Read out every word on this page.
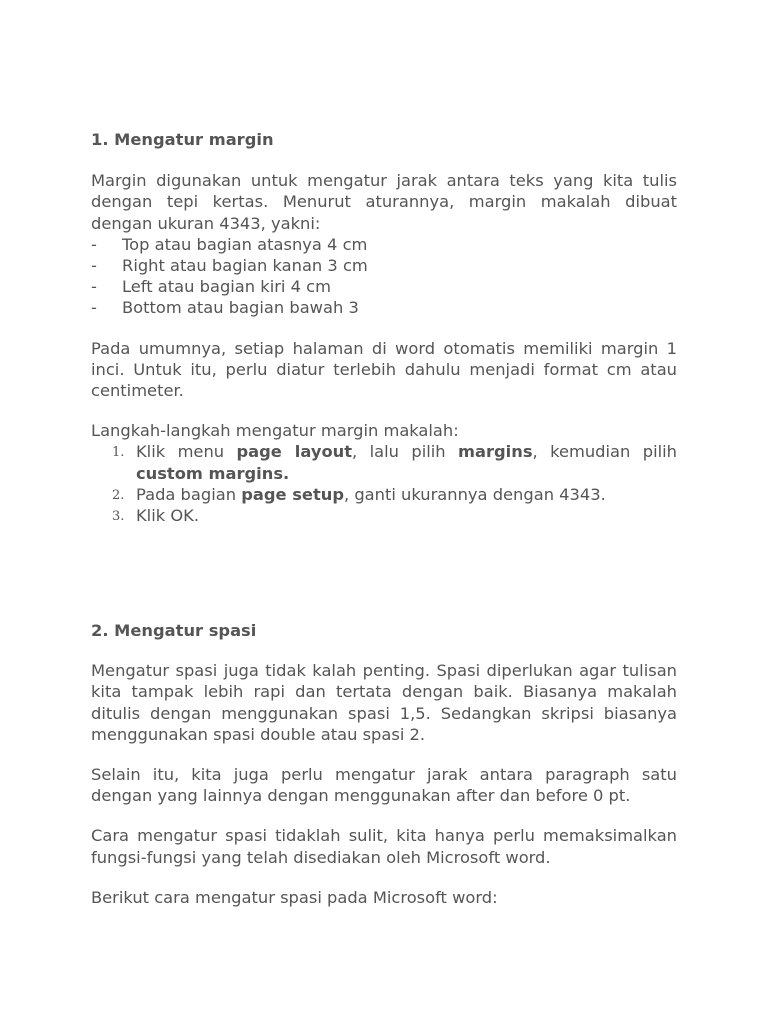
1. Mengatur margin

Margin digunakan untuk mengatur jarak antara teks yang kita tulis dengan tepi kertas. Menurut aturannya, margin makalah dibuat dengan ukuran 4343, yakni:

- Top atau bagian atasnya 4 cm
- Right atau bagian kanan 3 cm
- Left atau bagian kiri 4 cm
- Bottom atau bagian bawah 3

Pada umumnya, setiap halaman di word otomatis memiliki margin 1 inci. Untuk itu, perlu diatur terlebih dahulu menjadi format cm atau centimeter.

Langkah-langkah mengatur margin makalah:

1. Klik menu page layout, lalu pilih margins, kemudian pilih custom margins.
2. Pada bagian page setup, ganti ukurannya dengan 4343.
3. Klik OK.
2. Mengatur spasi

Mengatur spasi juga tidak kalah penting. Spasi diperlukan agar tulisan kita tampak lebih rapi dan tertata dengan baik. Biasanya makalah ditulis dengan menggunakan spasi 1,5. Sedangkan skripsi biasanya menggunakan spasi double atau spasi 2.

Selain itu, kita juga perlu mengatur jarak antara paragraph satu dengan yang lainnya dengan menggunakan after dan before 0 pt.

Cara mengatur spasi tidaklah sulit, kita hanya perlu memaksimalkan fungsi-fungsi yang telah disediakan oleh Microsoft word.

Berikut cara mengatur spasi pada Microsoft word:
